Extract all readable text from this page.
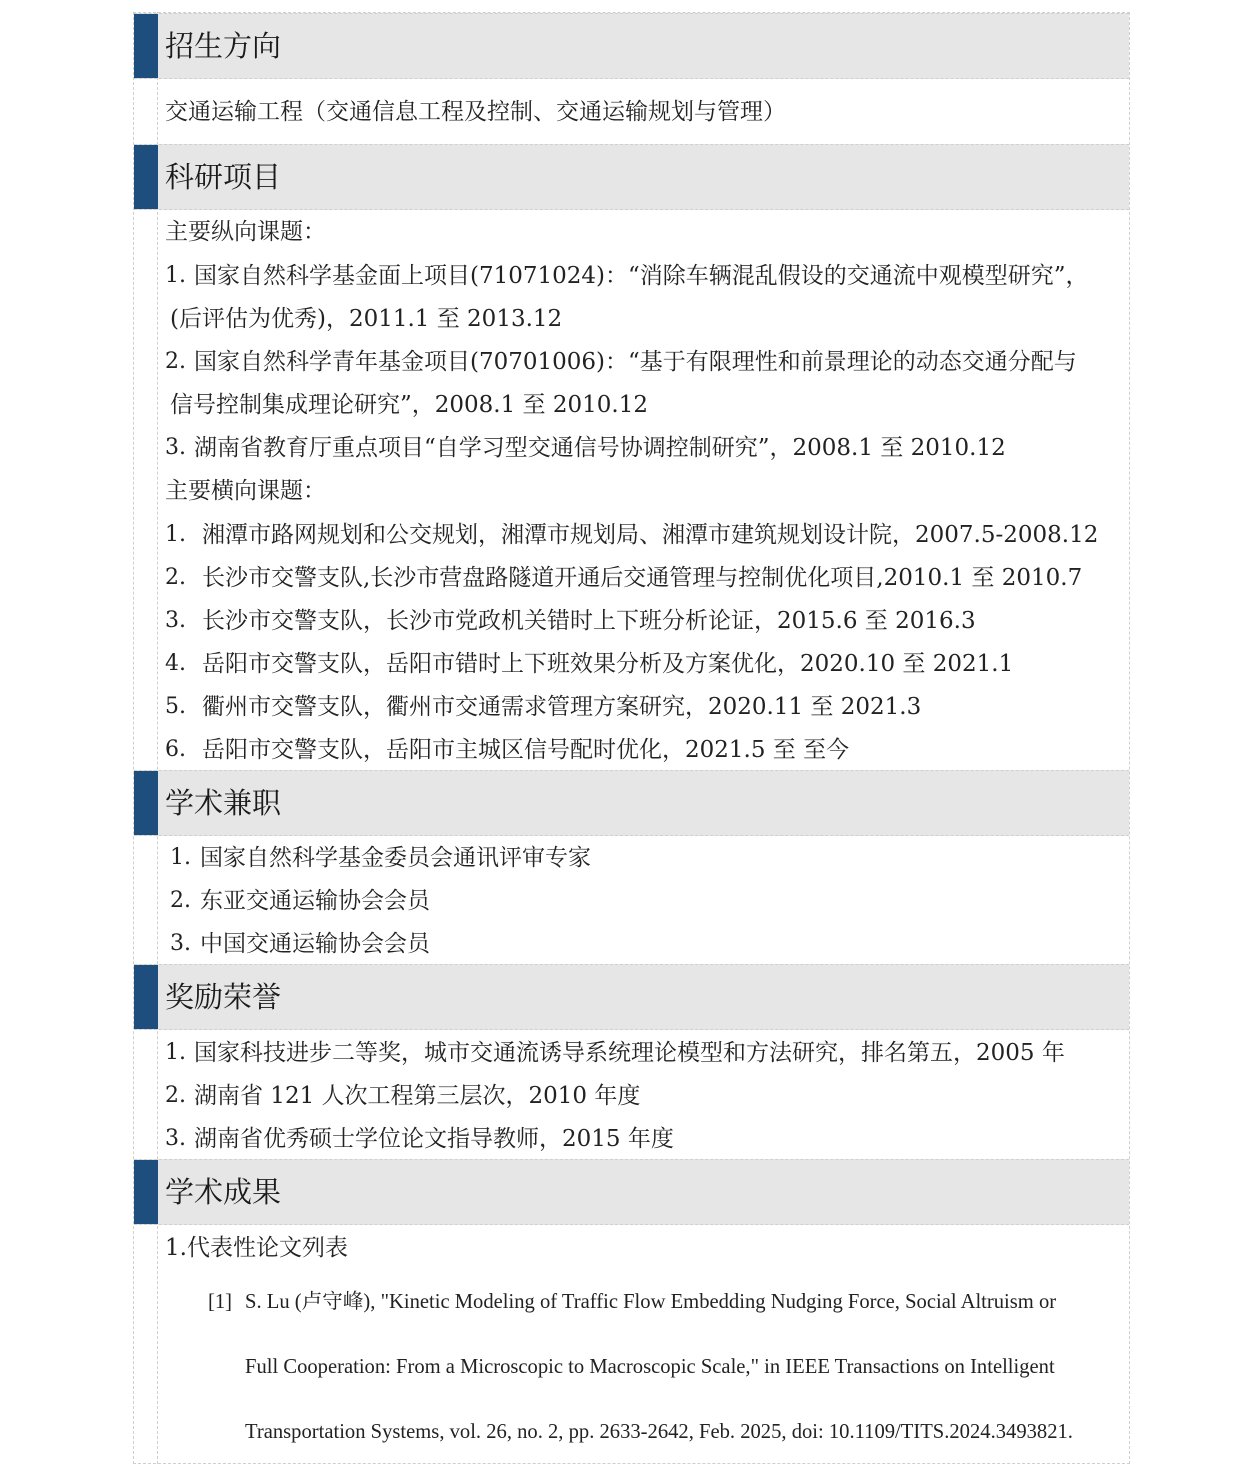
招生方向
交通运输工程（交通信息工程及控制、交通运输规划与管理）
科研项目
主要纵向课题：
1. 国家自然科学基金面上项目(71071024)：“消除车辆混乱假设的交通流中观模型研究”，
(后评估为优秀)，2011.1 至 2013.12
2. 国家自然科学青年基金项目(70701006)：“基于有限理性和前景理论的动态交通分配与
信号控制集成理论研究”，2008.1 至 2010.12
3. 湖南省教育厅重点项目“自学习型交通信号协调控制研究”，2008.1 至 2010.12
主要横向课题：
1. 湘潭市路网规划和公交规划，湘潭市规划局、湘潭市建筑规划设计院，2007.5-2008.12
2. 长沙市交警支队,长沙市营盘路隧道开通后交通管理与控制优化项目,2010.1 至 2010.7
3. 长沙市交警支队，长沙市党政机关错时上下班分析论证，2015.6 至 2016.3
4. 岳阳市交警支队，岳阳市错时上下班效果分析及方案优化，2020.10 至 2021.1
5. 衢州市交警支队，衢州市交通需求管理方案研究，2020.11 至 2021.3
6. 岳阳市交警支队，岳阳市主城区信号配时优化，2021.5 至 至今
学术兼职
1. 国家自然科学基金委员会通讯评审专家
2. 东亚交通运输协会会员
3. 中国交通运输协会会员
奖励荣誉
1. 国家科技进步二等奖，城市交通流诱导系统理论模型和方法研究，排名第五，2005 年
2. 湖南省 121 人次工程第三层次，2010 年度
3. 湖南省优秀硕士学位论文指导教师，2015 年度
学术成果
1.代表性论文列表
[1] S. Lu (卢守峰), "Kinetic Modeling of Traffic Flow Embedding Nudging Force, Social Altruism or
Full Cooperation: From a Microscopic to Macroscopic Scale," in IEEE Transactions on Intelligent
Transportation Systems, vol. 26, no. 2, pp. 2633-2642, Feb. 2025, doi: 10.1109/TITS.2024.3493821.
